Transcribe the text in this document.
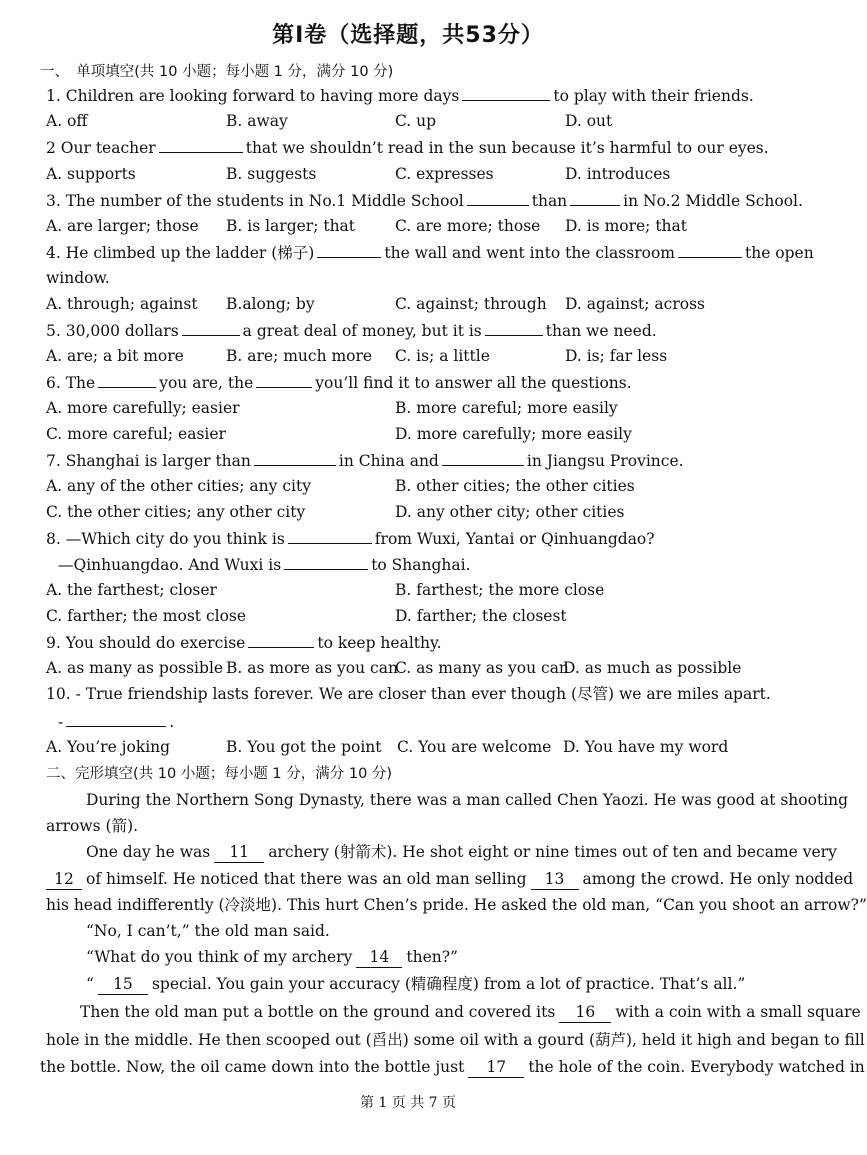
第Ⅰ卷（选择题，共53分）
一、　单项填空(共 10 小题；每小题 1 分，满分 10 分)
1. Children are looking forward to having more days	to play with their friends.
A. off	B. away	C. up	D. out
2 Our teacher	that we shouldn’t read in the sun because it’s harmful to our eyes.
A. supports	B. suggests	C. expresses	D. introduces
3. The number of the students in No.1 Middle School	than	in No.2 Middle School.
A. are larger; those B. is larger; that	C. are more; those D. is more; that
4. He climbed up the ladder (梯子)	the wall and went into the classroom	the open
window.
A. through; against B.along; by	C. against; through D. against; across
5. 30,000 dollars	a great deal of money, but it is	than we need.
A. are; a bit more	B. are; much more C. is; a little	D. is; far less
6. The	you are, the	you’ll find it to answer all the questions.
A. more carefully; easier	B. more careful; more easily
C. more careful; easier	D. more carefully; more easily
7. Shanghai is larger than	in China and	in Jiangsu Province.
A. any of the other cities; any city	B. other cities; the other cities
C. the other cities; any other city	D. any other city; other cities
8. —Which city do you think is	from Wuxi, Yantai or Qinhuangdao?
—Qinhuangdao. And Wuxi is	to Shanghai.
A. the farthest; closer	B. farthest; the more close
C. farther; the most close	D. farther; the closest
9. You should do exercise	to keep healthy.
A. as many as possible B. as more as you can
C. as many as you can
D. as much as possible
10. - True friendship lasts forever. We are closer than ever though (尽管) we are miles apart.
-	.
A. You’re joking	B. You got the point C. You are welcome D. You have my word
二、完形填空(共 10 小题；每小题 1 分，满分 10 分)
During the Northern Song Dynasty, there was a man called Chen Yaozi. He was good at shooting
arrows (箭).
One day he was 11 archery (射箭术). He shot eight or nine times out of ten and became very
12 of himself. He noticed that there was an old man selling 13 among the crowd. He only nodded
his head indifferently (冷淡地). This hurt Chen’s pride. He asked the old man, “Can you shoot an arrow?”
“No, I can’t,” the old man said.
“What do you think of my archery 14 then?”
“ 15 special. You gain your accuracy (精确程度) from a lot of practice. That’s all.”
Then the old man put a bottle on the ground and covered its 16 with a coin with a small square
hole in the middle. He then scooped out (舀出) some oil with a gourd (葫芦), held it high and began to fill
the bottle. Now, the oil came down into the bottle just 17 the hole of the coin. Everybody watched in
第 1 页 共 7 页
